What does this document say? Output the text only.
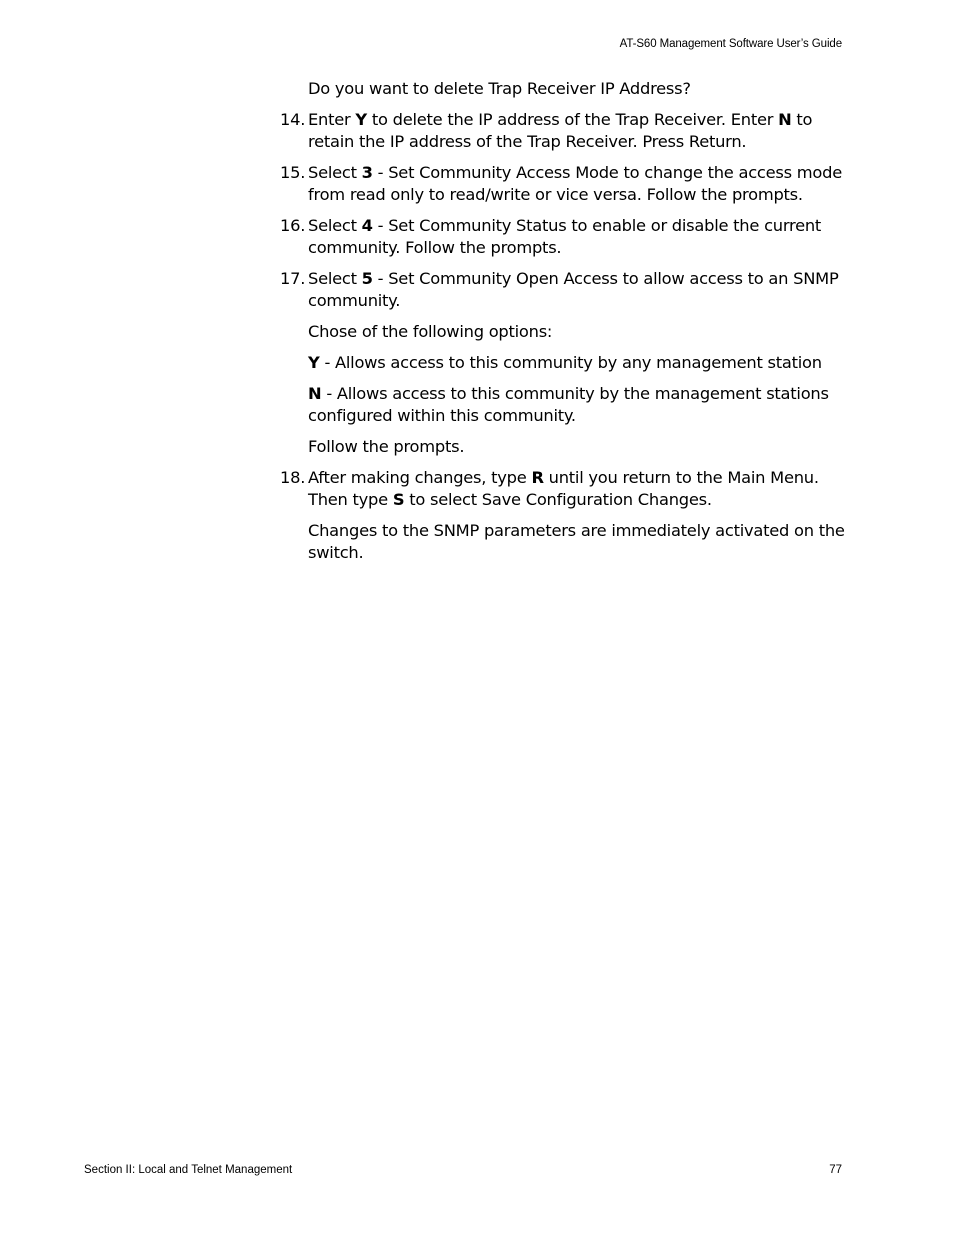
AT-S60 Management Software User’s Guide

Do you want to delete Trap Receiver IP Address?

14. Enter Y to delete the IP address of the Trap Receiver. Enter N to retain the IP address of the Trap Receiver. Press Return.
15. Select 3 - Set Community Access Mode to change the access mode from read only to read/write or vice versa. Follow the prompts.
16. Select 4 - Set Community Status to enable or disable the current community. Follow the prompts.
17. Select 5 - Set Community Open Access to allow access to an SNMP community.

Chose of the following options:

Y - Allows access to this community by any management station

N - Allows access to this community by the management stations configured within this community.

Follow the prompts.

18. After making changes, type R until you return to the Main Menu. Then type S to select Save Configuration Changes.

Changes to the SNMP parameters are immediately activated on the switch.

Section II: Local and Telnet Management	77
